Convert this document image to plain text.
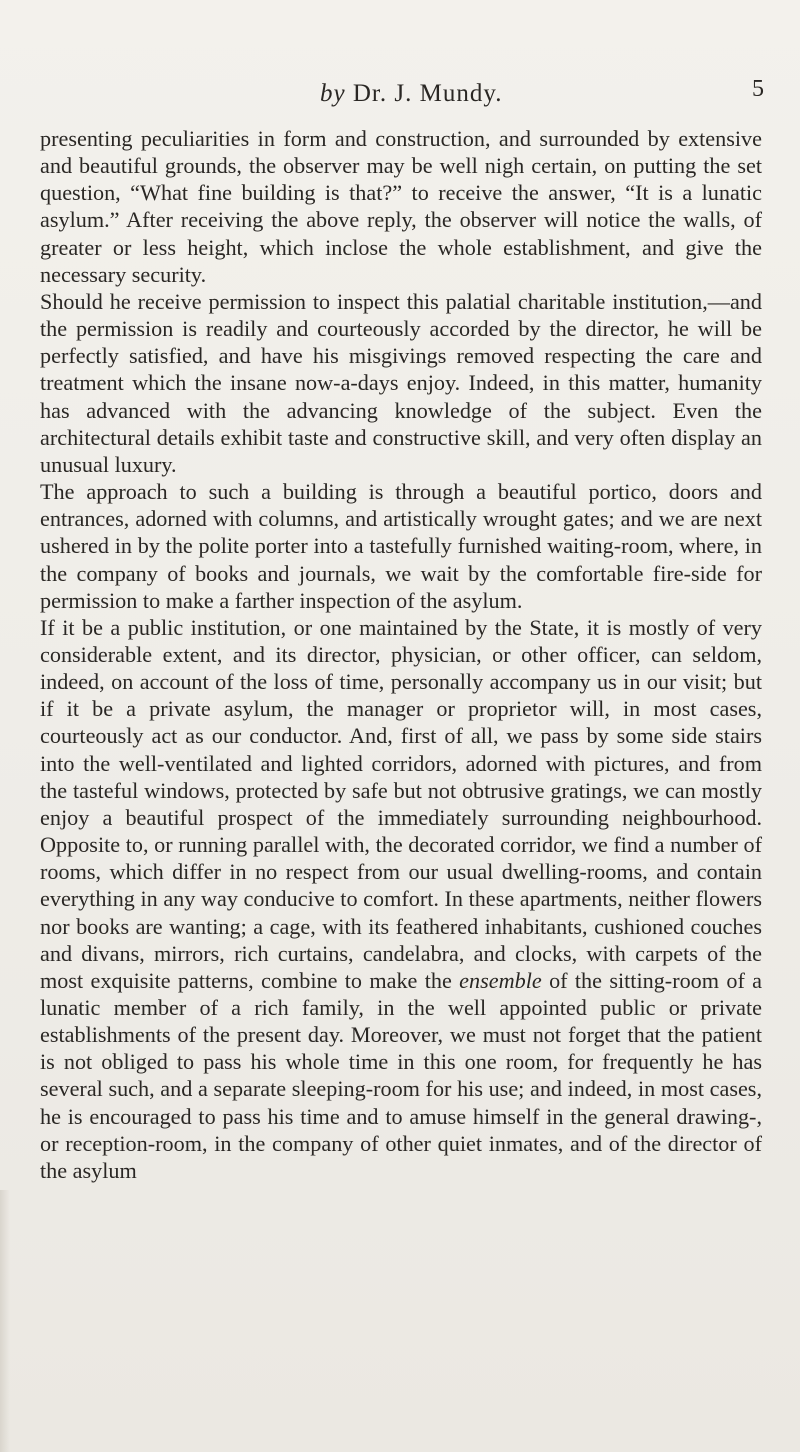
by Dr. J. Mundy.	5

presenting peculiarities in form and construction, and surrounded by extensive and beautiful grounds, the observer may be well nigh certain, on putting the set question, “What fine building is that?” to receive the answer, “It is a lunatic asylum.” After receiving the above reply, the observer will notice the walls, of greater or less height, which inclose the whole establishment, and give the necessary security.

Should he receive permission to inspect this palatial charitable institution,—and the permission is readily and courteously accorded by the director, he will be perfectly satisfied, and have his misgivings removed respecting the care and treatment which the insane now-a-days enjoy. Indeed, in this matter, humanity has advanced with the advancing knowledge of the subject. Even the architectural details exhibit taste and constructive skill, and very often display an unusual luxury.

The approach to such a building is through a beautiful portico, doors and entrances, adorned with columns, and artistically wrought gates; and we are next ushered in by the polite porter into a tastefully furnished waiting-room, where, in the company of books and journals, we wait by the comfortable fire-side for permission to make a farther inspection of the asylum.

If it be a public institution, or one maintained by the State, it is mostly of very considerable extent, and its director, physician, or other officer, can seldom, indeed, on account of the loss of time, personally accompany us in our visit; but if it be a private asylum, the manager or proprietor will, in most cases, courteously act as our conductor. And, first of all, we pass by some side stairs into the well-ventilated and lighted corridors, adorned with pictures, and from the tasteful windows, protected by safe but not obtrusive gratings, we can mostly enjoy a beautiful prospect of the immediately surrounding neighbourhood. Opposite to, or running parallel with, the decorated corridor, we find a number of rooms, which differ in no respect from our usual dwelling-rooms, and contain everything in any way conducive to comfort. In these apartments, neither flowers nor books are wanting; a cage, with its feathered inhabitants, cushioned couches and divans, mirrors, rich curtains, candelabra, and clocks, with carpets of the most exquisite patterns, combine to make the ensemble of the sitting-room of a lunatic member of a rich family, in the well appointed public or private establishments of the present day. Moreover, we must not forget that the patient is not obliged to pass his whole time in this one room, for frequently he has several such, and a separate sleeping-room for his use; and indeed, in most cases, he is encouraged to pass his time and to amuse himself in the general drawing-, or reception-room, in the company of other quiet inmates, and of the director of the asylum
